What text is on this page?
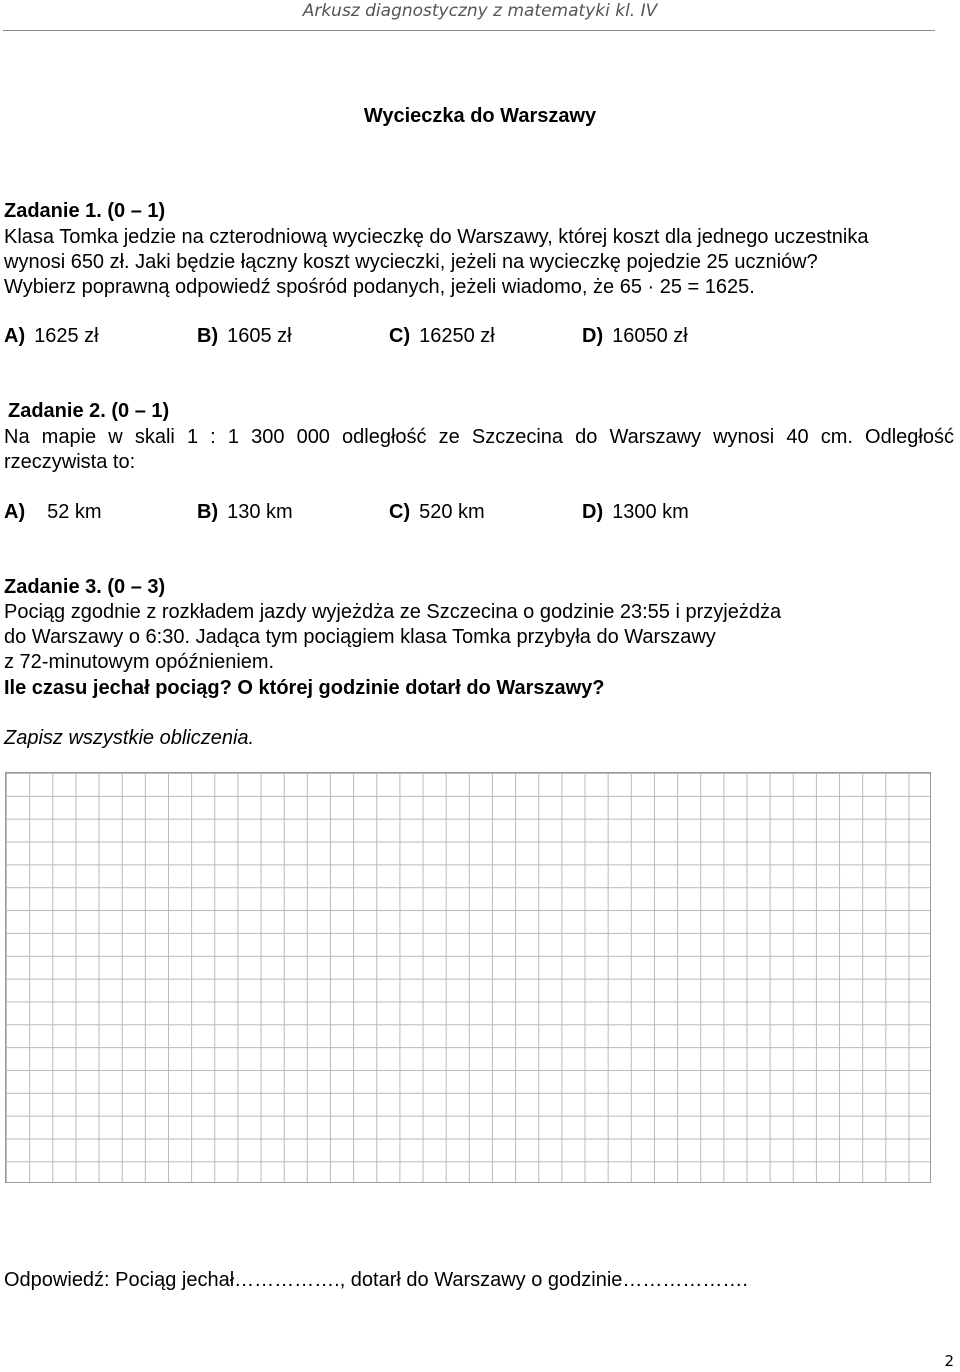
Arkusz diagnostyczny z matematyki kl. IV
Wycieczka do Warszawy
Zadanie 1. (0 – 1)
Klasa Tomka jedzie na czterodniową wycieczkę do Warszawy, której koszt dla jednego uczestnika
wynosi 650 zł. Jaki będzie łączny koszt wycieczki, jeżeli na wycieczkę pojedzie 25 uczniów?
Wybierz poprawną odpowiedź spośród podanych, jeżeli wiadomo, że 65 · 25 = 1625.
A) 1625 zł	B) 1605 zł	C) 16250 zł	D) 16050 zł
Zadanie 2. (0 – 1)
Na mapie w skali 1 : 1 300 000 odległość ze Szczecina do Warszawy wynosi 40 cm. Odległość
rzeczywista to:
A) 52 km	B) 130 km	C) 520 km	D) 1300 km
Zadanie 3. (0 – 3)
Pociąg zgodnie z rozkładem jazdy wyjeżdża ze Szczecina o godzinie 23:55 i przyjeżdża
do Warszawy o 6:30. Jadąca tym pociągiem klasa Tomka przybyła do Warszawy
z 72-minutowym opóźnieniem.
Ile czasu jechał pociąg? O której godzinie dotarł do Warszawy?
Zapisz wszystkie obliczenia.
Odpowiedź: Pociąg jechał……………., dotarł do Warszawy o godzinie……………….
2
